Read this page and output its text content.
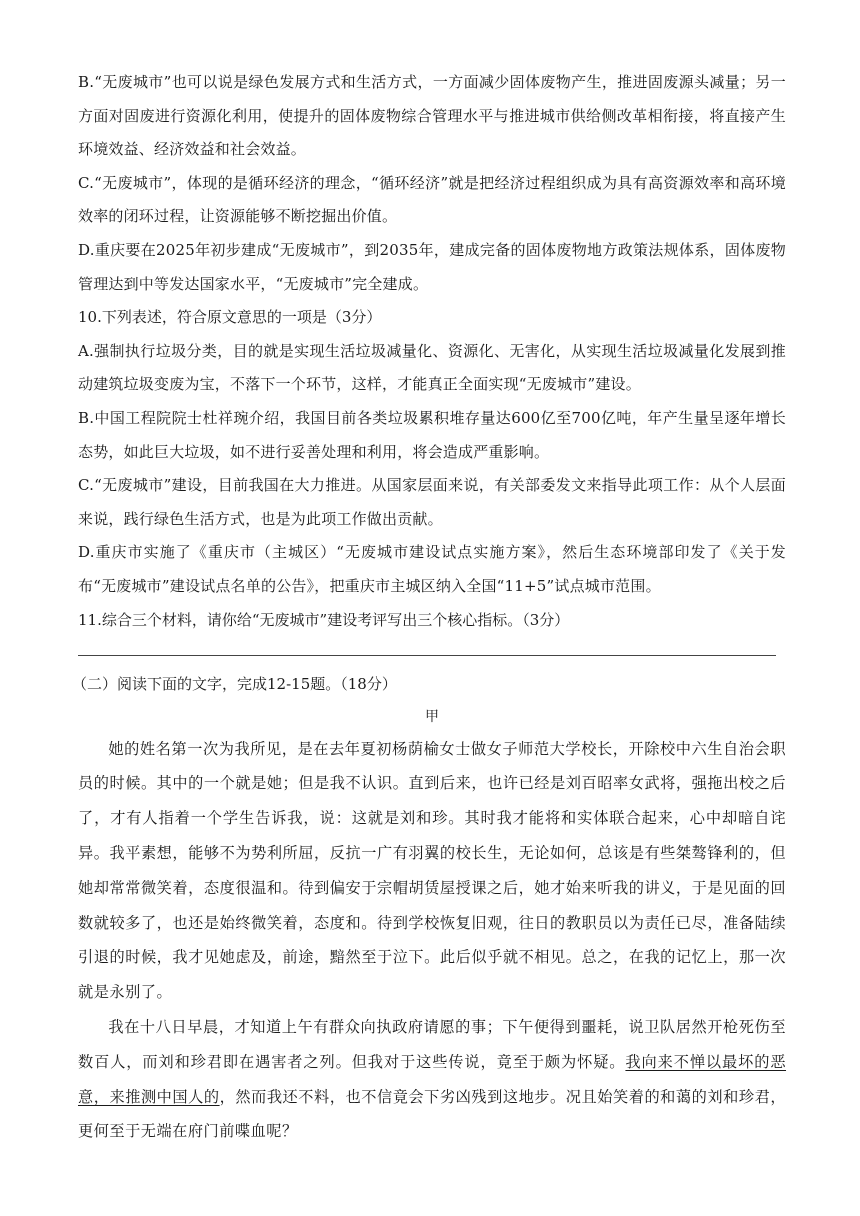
B.“无废城市”也可以说是绿色发展方式和生活方式，一方面减少固体废物产生，推进固废源头减量；另一方面对固废进行资源化利用，使提升的固体废物综合管理水平与推进城市供给侧改革相衔接，将直接产生环境效益、经济效益和社会效益。

C.“无废城市”，体现的是循环经济的理念，“循环经济”就是把经济过程组织成为具有高资源效率和高环境效率的闭环过程，让资源能够不断挖掘出价值。

D.重庆要在2025年初步建成“无废城市”，到2035年，建成完备的固体废物地方政策法规体系，固体废物管理达到中等发达国家水平，“无废城市”完全建成。

10.下列表述，符合原文意思的一项是（3分）

A.强制执行垃圾分类，目的就是实现生活垃圾减量化、资源化、无害化，从实现生活垃圾减量化发展到推动建筑垃圾变废为宝，不落下一个环节，这样，才能真正全面实现“无废城市”建设。

B.中国工程院院士杜祥琬介绍，我国目前各类垃圾累积堆存量达600亿至700亿吨，年产生量呈逐年增长态势，如此巨大垃圾，如不进行妥善处理和利用，将会造成严重影响。

C.“无废城市”建设，目前我国在大力推进。从国家层面来说，有关部委发文来指导此项工作：从个人层面来说，践行绿色生活方式，也是为此项工作做出贡献。

D.重庆市实施了《重庆市（主城区）“无废城市建设试点实施方案》，然后生态环境部印发了《关于发布“无废城市”建设试点名单的公告》，把重庆市主城区纳入全国“11+5”试点城市范围。

11.综合三个材料，请你给“无废城市”建设考评写出三个核心指标。（3分）

（二）阅读下面的文字，完成12-15题。（18分）

甲

她的姓名第一次为我所见，是在去年夏初杨荫榆女士做女子师范大学校长，开除校中六生自治会职员的时候。其中的一个就是她；但是我不认识。直到后来，也许已经是刘百昭率女武将，强拖出校之后了，才有人指着一个学生告诉我，说：这就是刘和珍。其时我才能将和实体联合起来，心中却暗自诧异。我平素想，能够不为势利所屈，反抗一广有羽翼的校长生，无论如何，总该是有些桀骜锋利的，但她却常常微笑着，态度很温和。待到偏安于宗帽胡赁屋授课之后，她才始来听我的讲义，于是见面的回数就较多了，也还是始终微笑着，态度和。待到学校恢复旧观，往日的教职员以为责任已尽，准备陆续引退的时候，我才见她虑及，前途，黯然至于泣下。此后似乎就不相见。总之，在我的记忆上，那一次就是永别了。

我在十八日早晨，才知道上午有群众向执政府请愿的事；下午便得到噩耗，说卫队居然开枪死伤至数百人，而刘和珍君即在遇害者之列。但我对于这些传说，竟至于颇为怀疑。我向来不惮以最坏的恶意，来推测中国人的，然而我还不料，也不信竟会下劣凶残到这地步。况且始笑着的和蔼的刘和珍君，更何至于无端在府门前喋血呢？
